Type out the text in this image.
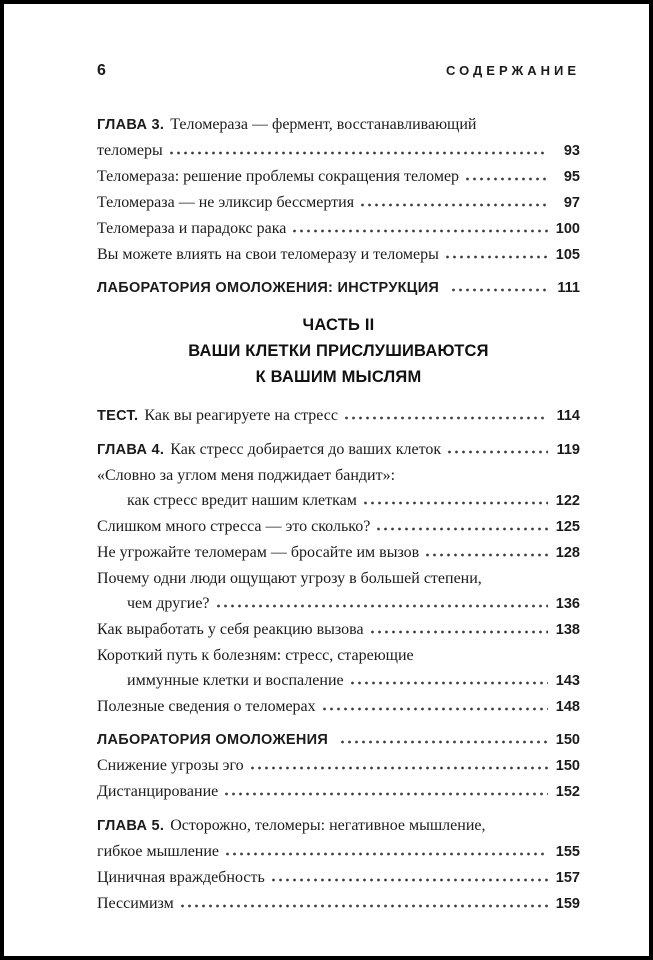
6	СОДЕРЖАНИЕ
ГЛАВА 3. Теломераза — фермент, восстанавливающий
теломеры	93
Теломераза: решение проблемы сокращения теломер	95
Теломераза — не эликсир бессмертия	97
Теломераза и парадокс рака	100
Вы можете влиять на свои теломеразу и теломеры	105
ЛАБОРАТОРИЯ ОМОЛОЖЕНИЯ: ИНСТРУКЦИЯ	111
ЧАСТЬ II
ВАШИ КЛЕТКИ ПРИСЛУШИВАЮТСЯ
К ВАШИМ МЫСЛЯМ
ТЕСТ. Как вы реагируете на стресс	114
ГЛАВА 4. Как стресс добирается до ваших клеток	119
«Словно за углом меня поджидает бандит»:
как стресс вредит нашим клеткам	122
Слишком много стресса — это сколько?	125
Не угрожайте теломерам — бросайте им вызов	128
Почему одни люди ощущают угрозу в большей степени,
чем другие?	136
Как выработать у себя реакцию вызова	138
Короткий путь к болезням: стресс, стареющие
иммунные клетки и воспаление	143
Полезные сведения о теломерах	148
ЛАБОРАТОРИЯ ОМОЛОЖЕНИЯ	150
Снижение угрозы эго	150
Дистанцирование	152
ГЛАВА 5. Осторожно, теломеры: негативное мышление,
гибкое мышление	155
Циничная враждебность	157
Пессимизм	159
